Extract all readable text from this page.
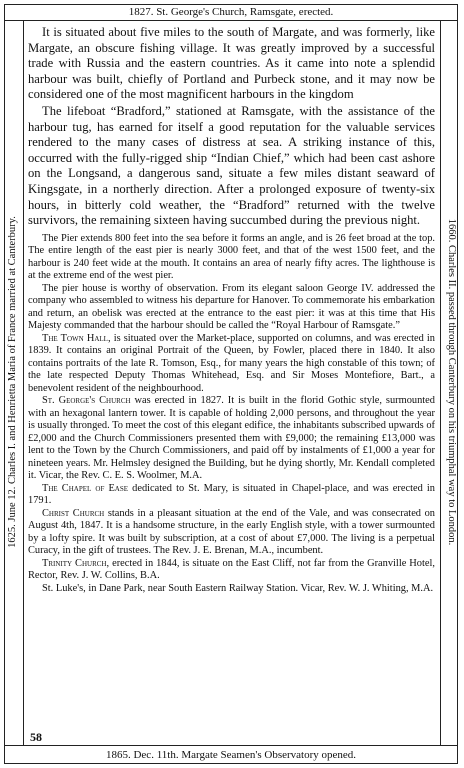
1827. St. George's Church, Ramsgate, erected.
1625. June 12. Charles I. and Henrietta Maria of France married at Canterbury.	1660. Charles II. passed through Canterbury on his triumphal way to London.

It is situated about five miles to the south of Margate, and was formerly, like Margate, an obscure fishing village. It was greatly improved by a successful trade with Russia and the eastern countries. As it came into note a splendid harbour was built, chiefly of Portland and Purbeck stone, and it may now be considered one of the most magnificent harbours in the kingdom

The lifeboat “Bradford,” stationed at Ramsgate, with the assistance of the harbour tug, has earned for itself a good reputation for the valuable services rendered to the many cases of distress at sea. A striking instance of this, occurred with the fully-rigged ship “Indian Chief,” which had been cast ashore on the Longsand, a dangerous sand, situate a few miles distant seaward of Kingsgate, in a northerly direction. After a prolonged exposure of twenty-six hours, in bitterly cold weather, the “Bradford” returned with the twelve survivors, the remaining sixteen having succumbed during the previous night.

The Pier extends 800 feet into the sea before it forms an angle, and is 26 feet broad at the top. The entire length of the east pier is nearly 3000 feet, and that of the west 1500 feet, and the harbour is 240 feet wide at the mouth. It contains an area of nearly fifty acres. The lighthouse is at the extreme end of the west pier.

The pier house is worthy of observation. From its elegant saloon George IV. addressed the company who assembled to witness his departure for Hanover. To commemorate his embarkation and return, an obelisk was erected at the entrance to the east pier: it was at this time that His Majesty commanded that the harbour should be called the “Royal Harbour of Ramsgate.”

The Town Hall, is situated over the Market-place, supported on columns, and was erected in 1839. It contains an original Portrait of the Queen, by Fowler, placed there in 1840. It also contains portraits of the late R. Tomson, Esq., for many years the high constable of this town; of the late respected Deputy Thomas Whitehead, Esq. and Sir Moses Montefiore, Bart., a benevolent resident of the neighbourhood.

St. George's Church was erected in 1827. It is built in the florid Gothic style, surmounted with an hexagonal lantern tower. It is capable of holding 2,000 persons, and throughout the year is usually thronged. To meet the cost of this elegant edifice, the inhabitants subscribed upwards of £2,000 and the Church Commissioners presented them with £9,000; the remaining £13,000 was lent to the Town by the Church Commissioners, and paid off by instalments of £1,000 a year for nineteen years. Mr. Helmsley designed the Building, but he dying shortly, Mr. Kendall completed it. Vicar, the Rev. C. E. S. Woolmer, M.A.

The Chapel of Ease dedicated to St. Mary, is situated in Chapel-place, and was erected in 1791.

Christ Church stands in a pleasant situation at the end of the Vale, and was consecrated on August 4th, 1847. It is a handsome structure, in the early English style, with a tower surmounted by a lofty spire. It was built by subscription, at a cost of about £7,000. The living is a perpetual Curacy, in the gift of trustees. The Rev. J. E. Brenan, M.A., incumbent.

Trinity Church, erected in 1844, is situate on the East Cliff, not far from the Granville Hotel, Rector, Rev. J. W. Collins, B.A.

St. Luke's, in Dane Park, near South Eastern Railway Station. Vicar, Rev. W. J. Whiting, M.A.

58
1865. Dec. 11th. Margate Seamen's Observatory opened.
